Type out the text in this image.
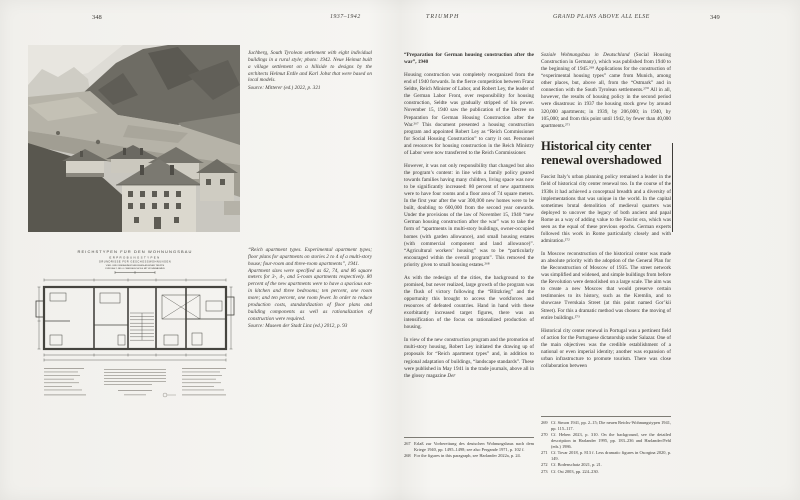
348	1937–1942	TRIUMPH	GRAND PLANS ABOVE ALL ELSE	349
Juchberg, South Tyrolean settlement with eight individual buildings in a rural style; photo: 1942. Neue Heimat built a village settlement on a hillside to designs by the architects Helmut Erdle and Karl Jobst that were based on local models.
Source: Mitterer (ed.) 2022, p. 321
REICHSTYPEN FÜR DEN WOHNUNGSBAU
ERPROBUNGSTYPEN
GRUNDRISSE FÜR GESCHOSSWOHNUNGEN
VIER- UND DREIRAUMWOHNUNGEN AN EINER TREPPE
FÜR DAS 2. BIS 4. OBERGESCHOSS MIT WOHNRÄUMEN
“Reich apartment types. Experimental apartment types; floor plans for apartments on stories 2 to 4 of a multi-story house; four-room and three-room apartments”, 1941.
Apartment sizes were specified as 62, 74, and 86 square meters for 3-, 4-, and 5-room apartments respectively. 80 percent of the new apartments were to have a spacious eat-in kitchen and three bedrooms; ten percent, one room more; and ten percent, one room fewer. In order to reduce production costs, standardization of floor plans and building components as well as rationalization of construction were required.
Source: Museen der Stadt Linz (ed.) 2012, p. 93

“Preparation for German housing construction after the war”, 1940

Housing construction was completely reorganized from the end of 1940 forwards. In the fierce competition between Franz Seldte, Reich Minister of Labor, and Robert Ley, the leader of the German Labor Front, over responsibility for housing construction, Seldte was gradually stripped of his power. November 15, 1940 saw the publication of the Decree on Preparation for German Housing Construction after the War.²⁶⁷ This document presented a housing construction program and appointed Robert Ley as “Reich Commissioner for Social Housing Construction” to carry it out. Personnel and resources for housing construction in the Reich Ministry of Labor were now transferred to the Reich Commissioner.

However, it was not only responsibility that changed but also the program’s content: in line with a family policy geared towards families having many children, living space was now to be significantly increased: 80 percent of new apartments were to have four rooms and a floor area of 74 square meters. In the first year after the war 300,000 new homes were to be built, doubling to 600,000 from the second year onwards. Under the provisions of the law of November 15, 1940 “new German housing construction after the war” was to take the form of “apartments in multi-story buildings, owner-occupied homes (with garden allowance), and small housing estates (with commercial component and land allowance)”. “Agricultural workers’ housing” was to be “particularly encouraged within the overall program”. This removed the priority given to small housing estates.²⁶⁸

As with the redesign of the cities, the background to the promised, but never realized, large growth of the program was the flush of victory following the “Blitzkrieg” and the opportunity this brought to access the workforces and resources of defeated countries. Hand in hand with these exorbitantly increased target figures, there was an intensification of the focus on rationalized production of housing.

In view of the new construction program and the promotion of multi-story housing, Robert Ley initiated the drawing up of proposals for “Reich apartment types” and, in addition to regional adaptation of buildings, “landscape standards”. These were published in May 1941 in the trade journals, above all in the glossy magazine Der

267 Erlaß zur Vorbereitung des deutschen Wohnungsbaus nach dem Kriege 1940, pp. 1495–1498; see also Pergande 1971, p. 102 f.
268 For the figures in this paragraph, see Harlander 2022a, p. 24.

Soziale Wohnungsbau in Deutschland (Social Housing Construction in Germany), which was published from 1940 to the beginning of 1945.²⁶⁹ Applications for the construction of “experimental housing types” came from Munich, among other places, but, above all, from the “Ostmark” and in connection with the South Tyrolean settlements.²⁷⁰ All in all, however, the results of housing policy in the second period were disastrous: in 1937 the housing stock grew by around 320,000 apartments; in 1939, by 206,000; in 1940, by 105,000; and from this point until 1942, by fewer than 40,000 apartments.²⁷¹

Historical city center renewal overshadowed

Fascist Italy’s urban planning policy remained a leader in the field of historical city center renewal too. In the course of the 1930s it had achieved a conceptual breadth and a diversity of implementations that was unique in the world. In the capital sometimes brutal demolition of medieval quarters was deployed to uncover the legacy of both ancient and papal Rome as a way of adding value to the Fascist era, which was seen as the equal of these previous epochs. German experts followed this work in Rome particularly closely and with admiration.²⁷²

In Moscow reconstruction of the historical center was made an absolute priority with the adoption of the General Plan for the Reconstruction of Moscow of 1935. The street network was simplified and widened, and simple buildings from before the Revolution were demolished on a large scale. The aim was to create a new Moscow that would preserve certain testimonies to its history, such as the Kremlin, and to showcase Tverskaia Street (at this point named Gor’kii Street). For this a dramatic method was chosen: the moving of entire buildings.²⁷³

Historical city center renewal in Portugal was a pertinent field of action for the Portuguese dictatorship under Salazar. One of the main objectives was the credible establishment of a national or even imperial identity; another was expansion of urban infrastructure to promote tourism. There was close collaboration between

269 Cf. Simon 1941, pp. 2–15; Die neuen Reichs-Wohnungstypen 1941, pp. 115–117.
270 Cf. Heben 2023, p. 310. On the background, see the detailed description in Harlander 1995, pp. 183–236 and Harlander/Fehl (eds.) 1986.
271 Cf. Tovar 2018, p. 813 f. Less dramatic figures in Osorgina 2020, p. 149.
272 Cf. Bodenschatz 2021, p. 21.
273 Cf. Ost 2003, pp. 224–230.
